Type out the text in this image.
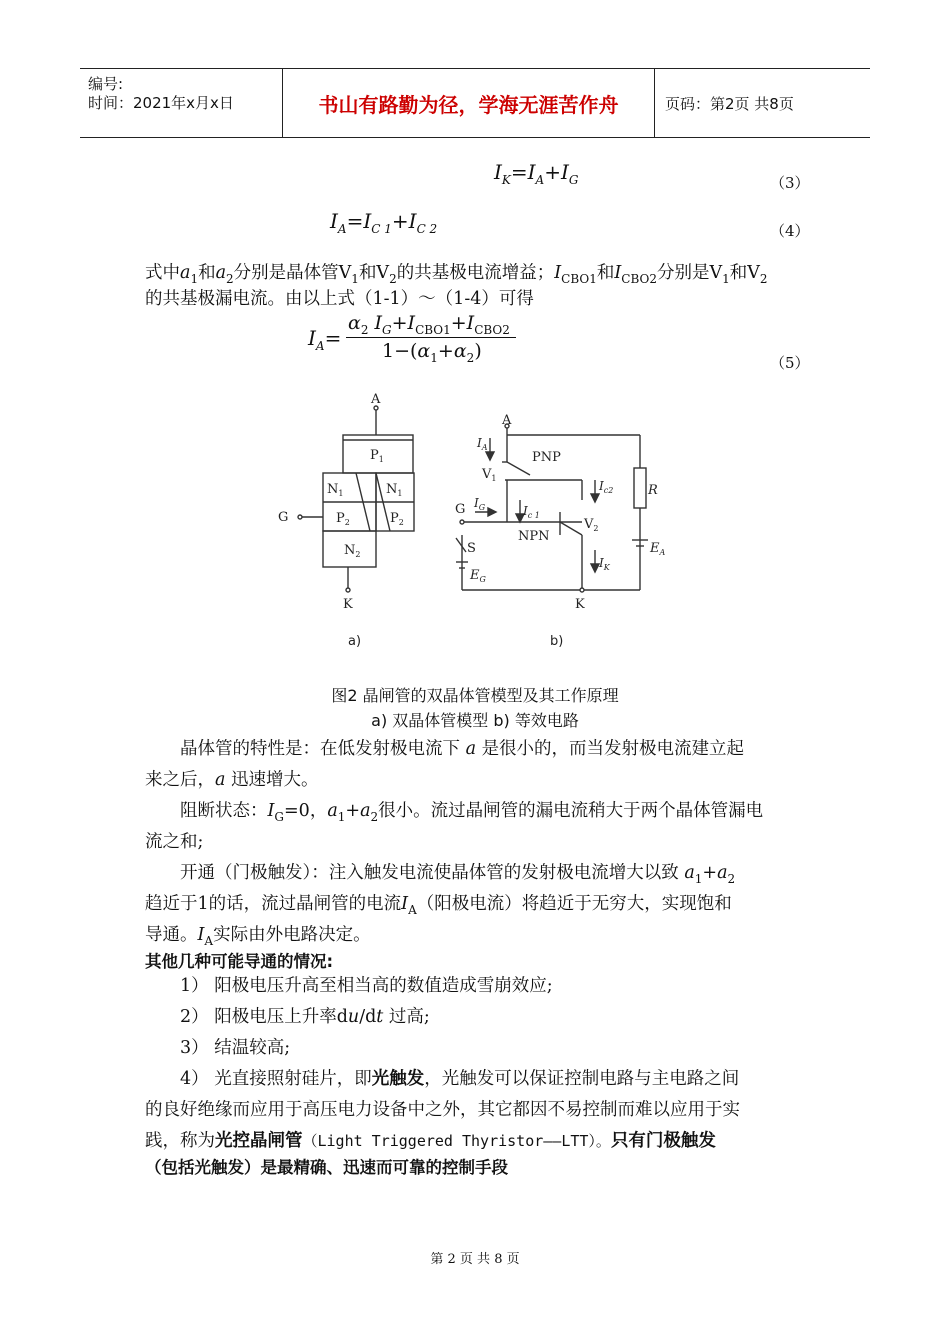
编号:
时间：2021年x月x日	书山有路勤为径，学海无涯苦作舟	页码：第2页 共8页
$I_K=I_A+I_G$	（3）
$I_A=I_{C 1}+I_{C 2}$	（4）
式中$a_1$和$a_2$分别是晶体管$V_1$和$V_2$的共基极电流增益；$I_{CBO1}$和$I_{CBO2}$分别是$V_1$和$V_2$
的共基极漏电流。由以上式（1-1）～（1-4）可得
$I_A=$
$\alpha_2$ $I_G+I_{CBO1}+I_{CBO2}$
$1-(\alpha_1+\alpha_2)$
（5）
A
$P_1$
$N_1$	$N_1$
$P_2$	$P_2$
$N_2$
G
K
A
$I_A$
PNP
$V_1$
$I_{c2}$	R
G $I_G$	$I_{c 1}$
$V_2$
NPN
S	$E_A$
$E_G$
$I_K$
K
a)	b)
图2 晶闸管的双晶体管模型及其工作原理
a) 双晶体管模型 b) 等效电路
晶体管的特性是：在低发射极电流下 a 是很小的，而当发射极电流建立起
来之后，a 迅速增大。
阻断状态：$I_G=0$，$a_1+a_2$很小。流过晶闸管的漏电流稍大于两个晶体管漏电
流之和;
开通（门极触发）：注入触发电流使晶体管的发射极电流增大以致 $a_1+a_2$
趋近于1的话，流过晶闸管的电流$I_A$（阳极电流）将趋近于无穷大，实现饱和
导通。$I_A$实际由外电路决定。
其他几种可能导通的情况:
1） 阳极电压升高至相当高的数值造成雪崩效应;
2） 阳极电压上升率du/dt 过高;
3） 结温较高;
4） 光直接照射硅片，即光触发，光触发可以保证控制电路与主电路之间
的良好绝缘而应用于高压电力设备中之外，其它都因不易控制而难以应用于实
践，称为光控晶闸管（Light Triggered Thyristor——LTT）。只有门极触发
（包括光触发）是最精确、迅速而可靠的控制手段
第 2 页 共 8 页
